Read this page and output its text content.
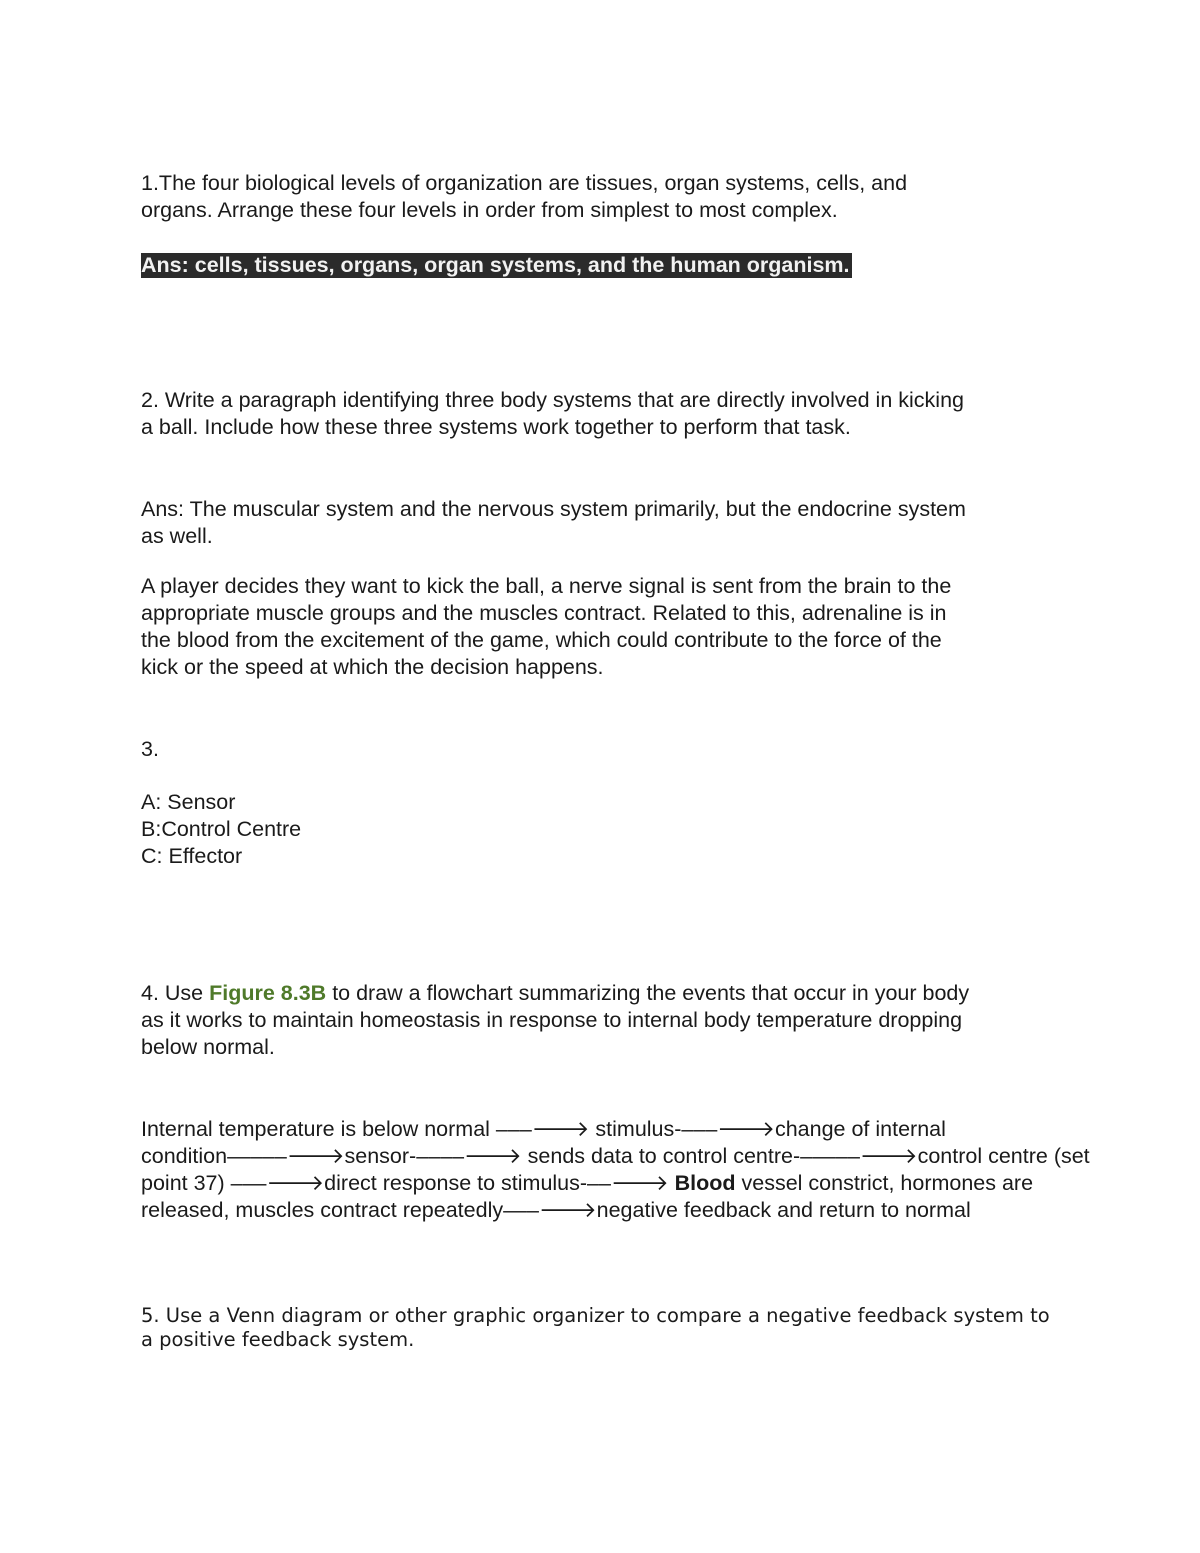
1.The four biological levels of organization are tissues, organ systems, cells, and
organs. Arrange these four levels in order from simplest to most complex.
Ans: cells, tissues, organs, organ systems, and the human organism.
2. Write a paragraph identifying three body systems that are directly involved in kicking
a ball. Include how these three systems work together to perform that task.
Ans: The muscular system and the nervous system primarily, but the endocrine system
as well.
A player decides they want to kick the ball, a nerve signal is sent from the brain to the
appropriate muscle groups and the muscles contract. Related to this, adrenaline is in
the blood from the excitement of the game, which could contribute to the force of the
kick or the speed at which the decision happens.
3.
A: Sensor
B:Control Centre
C: Effector
4. Use Figure 8.3B to draw a flowchart summarizing the events that occur in your body
as it works to maintain homeostasis in response to internal body temperature dropping
below normal.
Internal temperature is below normal –––🡒 stimulus-–––🡒change of internal
condition–––––🡒sensor-––––🡒 sends data to control centre-–––––🡒control centre (set
point 37) –––🡒direct response to stimulus-––🡒 Blood vessel constrict, hormones are
released, muscles contract repeatedly–––🡒negative feedback and return to normal
5. Use a Venn diagram or other graphic organizer to compare a negative feedback system to
a positive feedback system.
